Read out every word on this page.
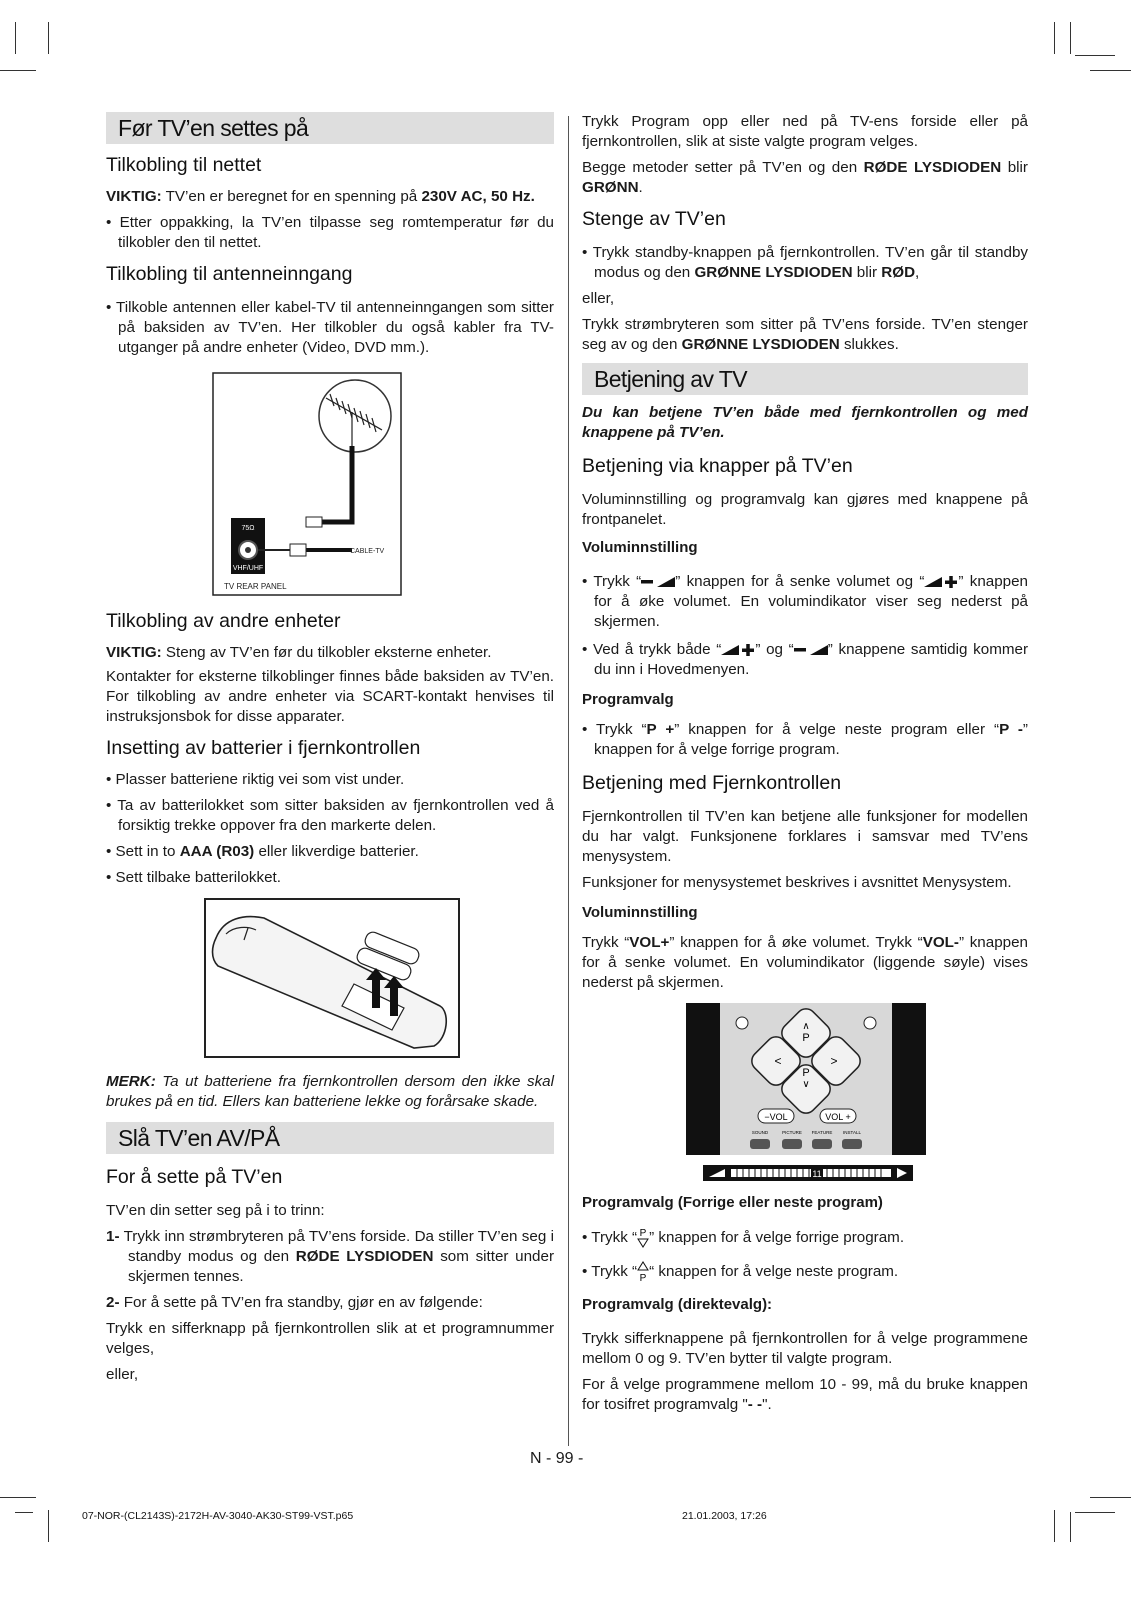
Før TV’en settes på
Tilkobling til nettet

VIKTIG: TV’en er beregnet for en spenning på 230V AC, 50 Hz.

• Etter oppakking, la TV’en tilpasse seg romtemperatur før du tilkobler den til nettet.

Tilkobling til antenneinngang

• Tilkoble antennen eller kabel-TV til antenneinngangen som sitter på baksiden av TV’en. Her tilkobler du også kabler fra TV-utganger på andre enheter (Video, DVD mm.).

75Ω
VHF/UHF
CABLE-TV
TV REAR PANEL
Tilkobling av andre enheter

VIKTIG: Steng av TV’en før du tilkobler eksterne enheter.

Kontakter for eksterne tilkoblinger finnes både baksiden av TV’en. For tilkobling av andre enheter via SCART-kontakt henvises til instruksjonsbok for disse apparater.

Insetting av batterier i fjernkontrollen

• Plasser batteriene riktig vei som vist under.

• Ta av batterilokket som sitter baksiden av fjernkontrollen ved å forsiktig trekke oppover fra den markerte delen.

• Sett in to AAA (R03) eller likverdige batterier.

• Sett tilbake batterilokket.

MERK: Ta ut batteriene fra fjernkontrollen dersom den ikke skal brukes på en tid. Ellers kan batteriene lekke og forårsake skade.

Slå TV’en AV/PÅ
For å sette på TV’en

TV’en din setter seg på i to trinn:

1- Trykk inn strømbryteren på TV’ens forside. Da stiller TV’en seg i standby modus og den RØDE LYSDIODEN som sitter under skjermen tennes.

2- For å sette på TV’en fra standby, gjør en av følgende:

Trykk en sifferknapp på fjernkontrollen slik at et programnummer velges,

eller,

Trykk Program opp eller ned på TV-ens forside eller på fjernkontrollen, slik at siste valgte program velges.

Begge metoder setter på TV’en og den RØDE LYSDIODEN blir GRØNN.

Stenge av TV’en

• Trykk standby-knappen på fjernkontrollen. TV’en går til standby modus og den GRØNNE LYSDIODEN blir RØD,

eller,

Trykk strømbryteren som sitter på TV’ens forside. TV’en stenger seg av og den GRØNNE LYSDIODEN slukkes.

Betjening av TV

Du kan betjene TV’en både med fjernkontrollen og med knappene på TV’en.

Betjening via knapper på TV’en

Voluminnstilling og programvalg kan gjøres med knappene på frontpanelet.

Voluminnstilling

• Trykk “ ” knappen for å senke volumet og “ ” knappen for å øke volumet. En volumindikator viser seg nederst på skjermen.

• Ved å trykk både “ ” og “ ” knappene samtidig kommer du inn i Hovedmenyen.

Programvalg

• Trykk “P +” knappen for å velge neste program eller “P -” knappen for å velge forrige program.

Betjening med Fjernkontrollen

Fjernkontrollen til TV’en kan betjene alle funksjoner for modellen du har valgt. Funksjonene forklares i samsvar med TV’ens menysystem.

Funksjoner for menysystemet beskrives i avsnittet Menysystem.

Voluminnstilling

Trykk “VOL+” knappen for å øke volumet. Trykk “VOL-” knappen for å senke volumet. En volumindikator (liggende søyle) vises nederst på skjermen.

P
P
∧
∨
<	>
−VOL	VOL +
SOUND	PICTURE FEATURE INSTALL
11

Programvalg (Forrige eller neste program)

• Trykk “ P ” knappen for å velge forrige program.

• Trykk “ P “ knappen for å velge neste program.

Programvalg (direktevalg):

Trykk sifferknappene på fjernkontrollen for å velge programmene mellom 0 og 9. TV’en bytter til valgte program.

For å velge programmene mellom 10 - 99, må du bruke knappen for tosifret programvalg "- -".

N - 99 -
07-NOR-(CL2143S)-2172H-AV-3040-AK30-ST99-VST.p65	21.01.2003, 17:26
